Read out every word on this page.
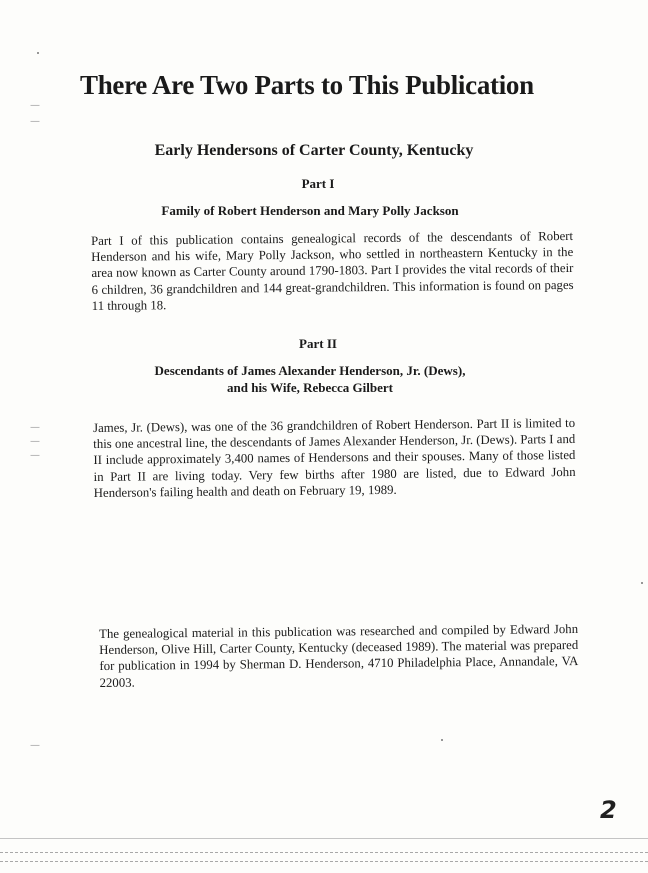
There Are Two Parts to This Publication
Early Hendersons of Carter County, Kentucky
Part I
Family of Robert Henderson and Mary Polly Jackson

Part I of this publication contains genealogical records of the descendants of Robert Henderson and his wife, Mary Polly Jackson, who settled in northeastern Kentucky in the area now known as Carter County around 1790-1803. Part I provides the vital records of their 6 children, 36 grandchildren and 144 great-grandchildren. This information is found on pages 11 through 18.

Part II
Descendants of James Alexander Henderson, Jr. (Dews),
and his Wife, Rebecca Gilbert

James, Jr. (Dews), was one of the 36 grandchildren of Robert Henderson. Part II is limited to this one ancestral line, the descendants of James Alexander Henderson, Jr. (Dews). Parts I and II include approximately 3,400 names of Hendersons and their spouses. Many of those listed in Part II are living today. Very few births after 1980 are listed, due to Edward John Henderson's failing health and death on February 19, 1989.

The genealogical material in this publication was researched and compiled by Edward John Henderson, Olive Hill, Carter County, Kentucky (deceased 1989). The material was prepared for publication in 1994 by Sherman D. Henderson, 4710 Philadelphia Place, Annandale, VA 22003.

2
—
—
—
—
—
—
